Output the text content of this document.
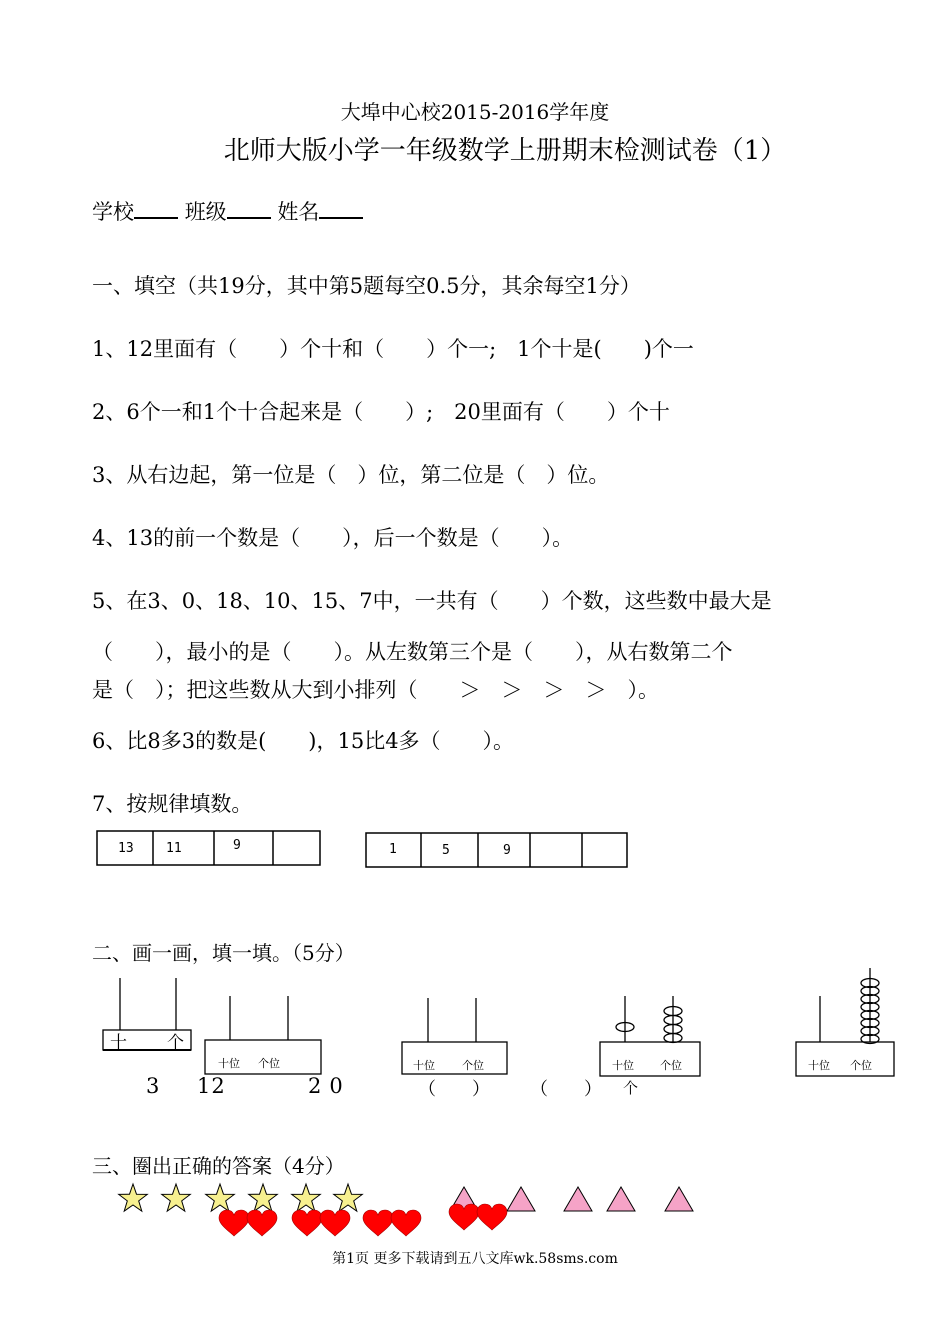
大埠中心校2015-2016学年度
北师大版小学一年级数学上册期末检测试卷（1）
学校 班级 姓名
一、填空（共19分，其中第5题每空0.5分，其余每空1分）
1、12里面有（　　）个十和（　　）个一;　1个十是(　　)个一
2、6个一和1个十合起来是（　　）;　20里面有（　　）个十
3、从右边起，第一位是（　）位，第二位是（　）位。
4、13的前一个数是（　　），后一个数是（　　）。
5、在3、0、18、10、15、7中，一共有（　　）个数，这些数中最大是
（　　），最小的是（　　）。从左数第三个是（　　），从右数第二个
是（　）；把这些数从大到小排列（　　＞　＞　＞　＞　）。
6、比8多3的数是(　　)，15比4多（　　）。
7、按规律填数。
13 11	9	1	5	9
二、画一画，填一填。（5分）
十 个
十位 个位	十位 个位	十位 个位	十位 个位
3 12	20	（　　） （　　） 个
三、圈出正确的答案（4分）
第1页 更多下载请到五八文库wk.58sms.com
